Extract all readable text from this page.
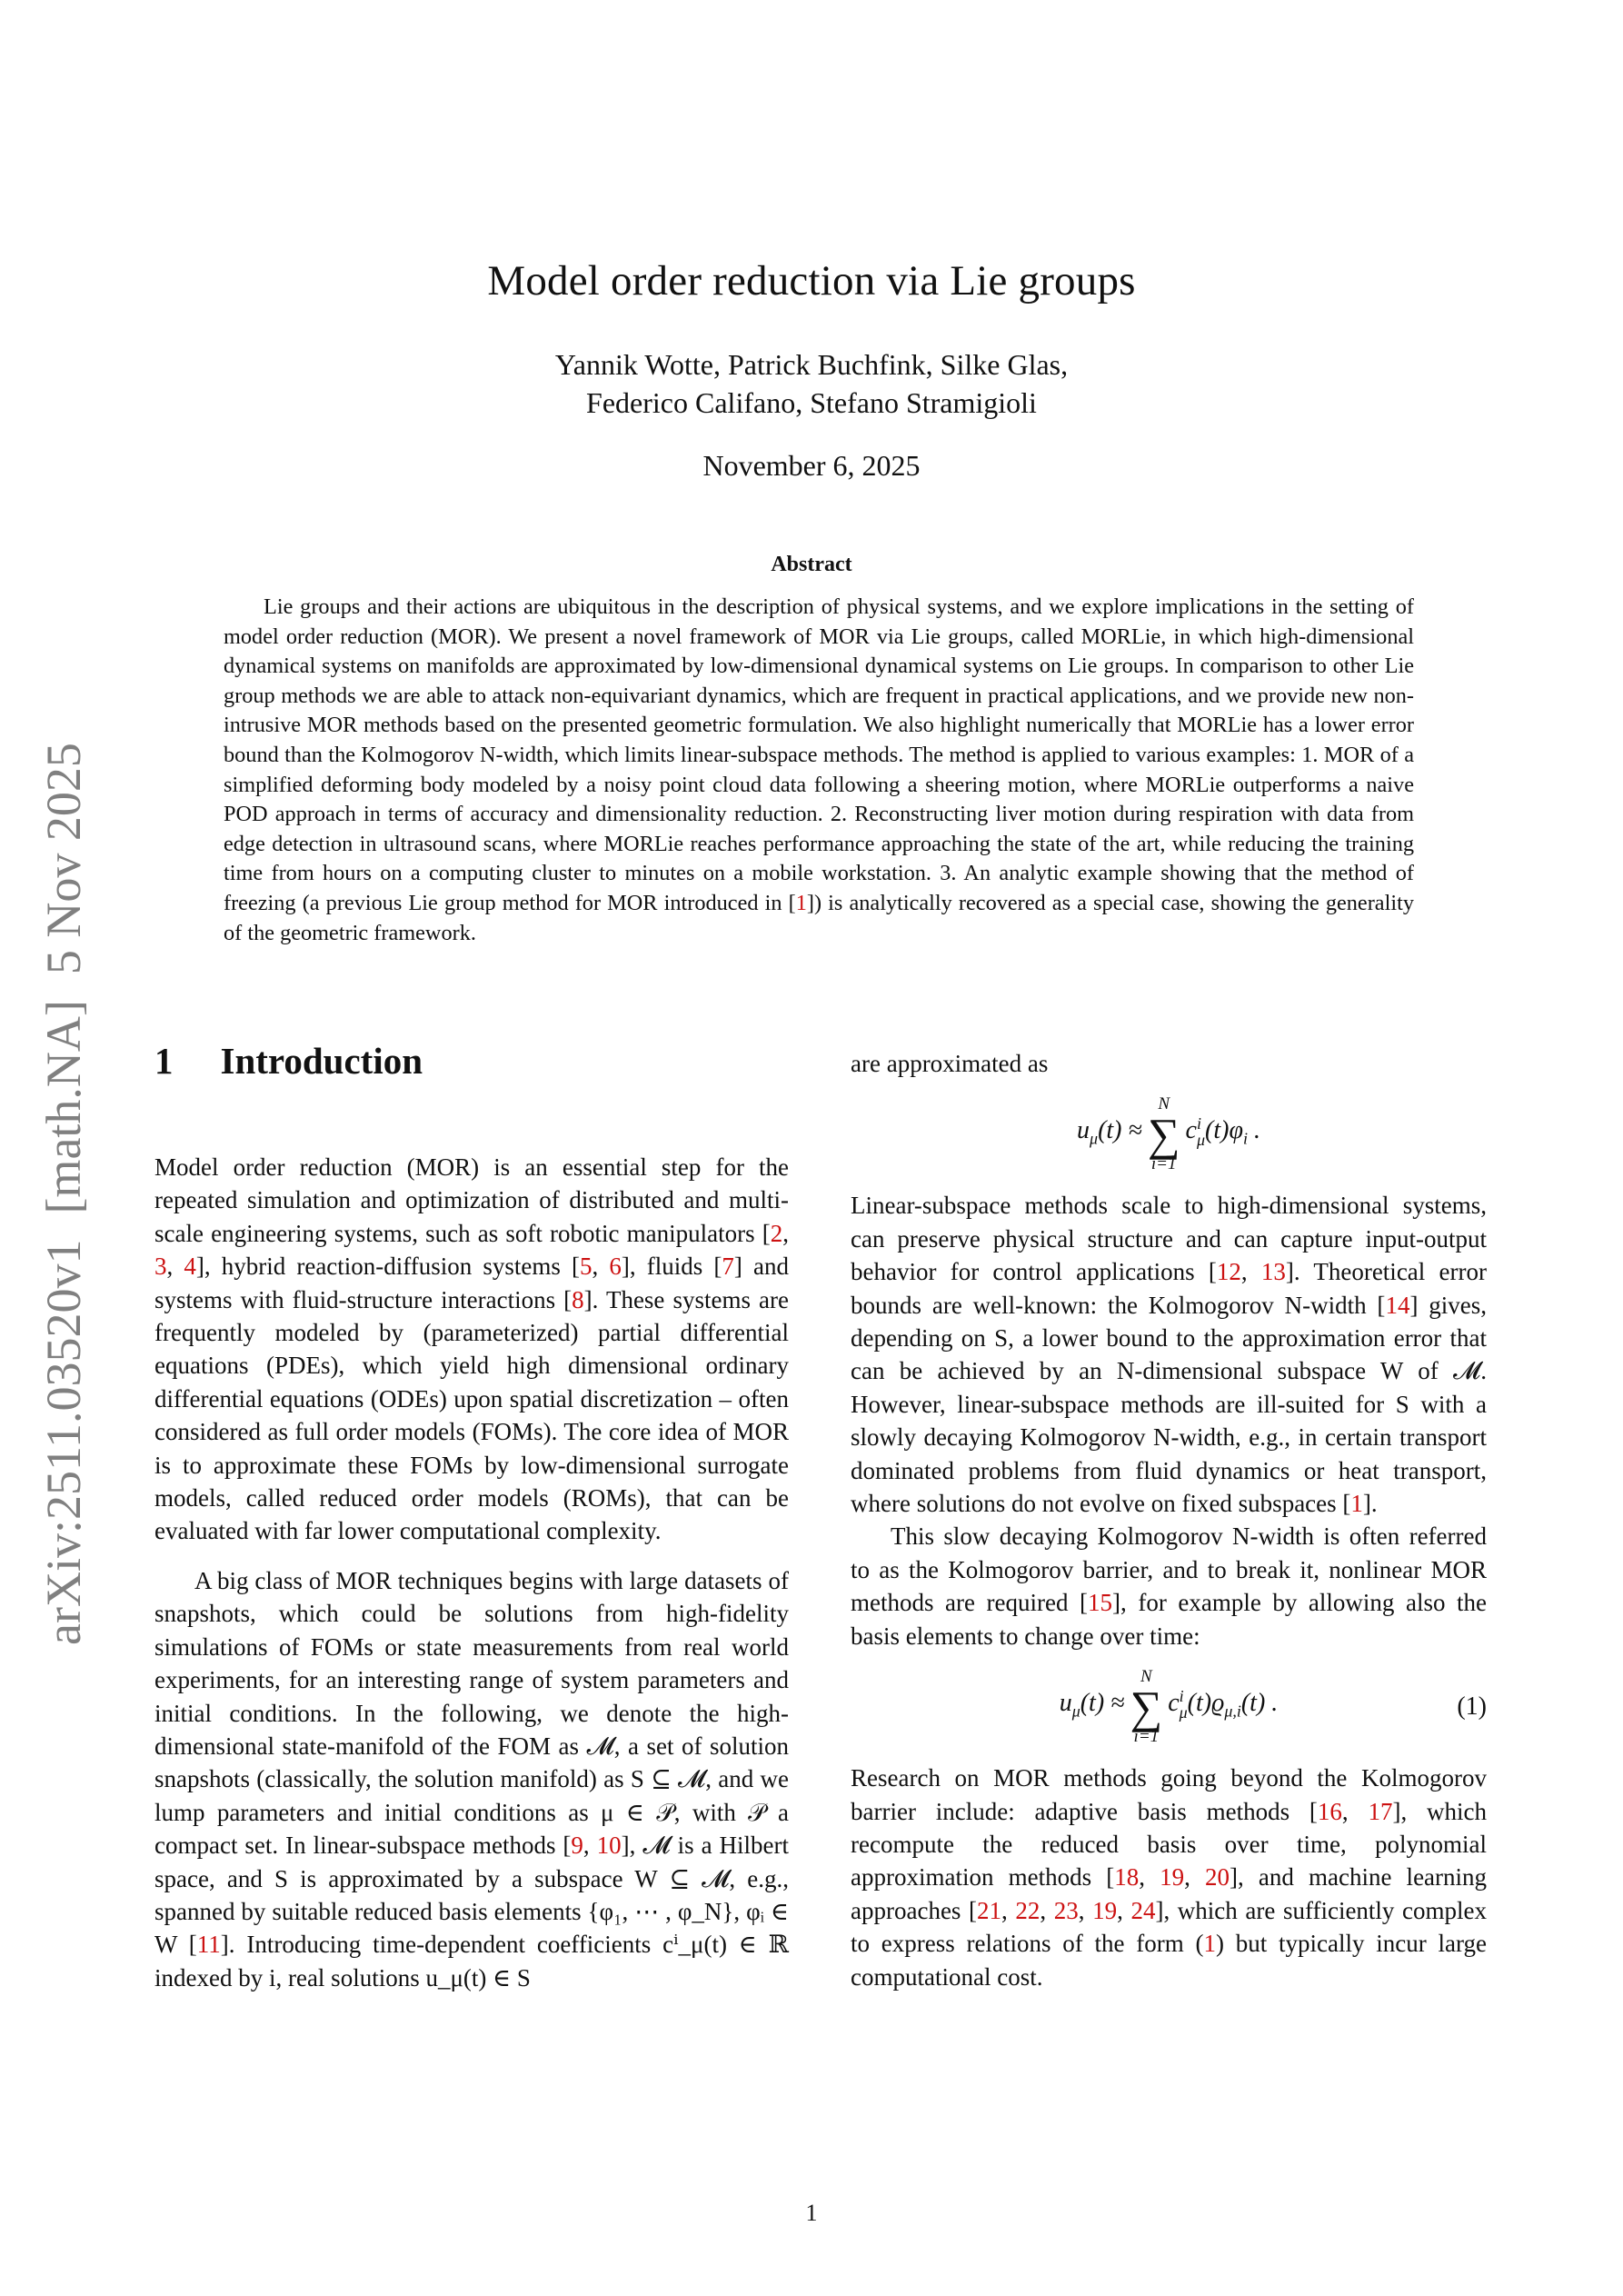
arXiv:2511.03520v1
[math.NA]
5 Nov 2025
Model order reduction via Lie groups
Yannik Wotte, Patrick Buchfink, Silke Glas,
Federico Califano, Stefano Stramigioli
November 6, 2025
Abstract
Lie groups and their actions are ubiquitous in the description of physical systems, and we explore implications in the setting of model order reduction (MOR). We present a novel framework of MOR via Lie groups, called MORLie, in which high-dimensional dynamical systems on manifolds are approximated by low-dimensional dynamical systems on Lie groups. In comparison to other Lie group methods we are able to attack non-equivariant dynamics, which are frequent in practical applications, and we provide new non-intrusive MOR methods based on the presented geometric formulation. We also highlight numerically that MORLie has a lower error bound than the Kolmogorov N-width, which limits linear-subspace methods. The method is applied to various examples: 1. MOR of a simplified deforming body modeled by a noisy point cloud data following a sheering motion, where MORLie outperforms a naive POD approach in terms of accuracy and dimensionality reduction. 2. Reconstructing liver motion during respiration with data from edge detection in ultrasound scans, where MORLie reaches performance approaching the state of the art, while reducing the training time from hours on a computing cluster to minutes on a mobile workstation. 3. An analytic example showing that the method of freezing (a previous Lie group method for MOR introduced in [1]) is analytically recovered as a special case, showing the generality of the geometric framework.
1 Introduction

Model order reduction (MOR) is an essential step for the repeated simulation and optimization of distributed and multi-scale engineering systems, such as soft robotic manipulators [2, 3, 4], hybrid reaction-diffusion systems [5, 6], fluids [7] and systems with fluid-structure interactions [8]. These systems are frequently modeled by (parameterized) partial differential equations (PDEs), which yield high dimensional ordinary differential equations (ODEs) upon spatial discretization – often considered as full order models (FOMs). The core idea of MOR is to approximate these FOMs by low-dimensional surrogate models, called reduced order models (ROMs), that can be evaluated with far lower computational complexity.

A big class of MOR techniques begins with large datasets of snapshots, which could be solutions from high-fidelity simulations of FOMs or state measurements from real world experiments, for an interesting range of system parameters and initial conditions. In the following, we denote the high-dimensional state-manifold of the FOM as 𝓜, a set of solution snapshots (classically, the solution manifold) as S ⊆ 𝓜, and we lump parameters and initial conditions as μ ∈ 𝒫, with 𝒫 a compact set. In linear-subspace methods [9, 10], 𝓜 is a Hilbert space, and S is approximated by a subspace W ⊆ 𝓜, e.g., spanned by suitable reduced basis elements {φ₁, ⋯ , φ_N}, φᵢ ∈ W [11]. Introducing time-dependent coefficients cⁱ_μ(t) ∈ ℝ indexed by i, real solutions u_μ(t) ∈ S

are approximated as

$u_\mu(t)$ ≈
N
∑
i=1
c i
μ $(t)\varphi_i$ .

Linear-subspace methods scale to high-dimensional systems, can preserve physical structure and can capture input-output behavior for control applications [12, 13]. Theoretical error bounds are well-known: the Kolmogorov N-width [14] gives, depending on S, a lower bound to the approximation error that can be achieved by an N-dimensional subspace W of 𝓜. However, linear-subspace methods are ill-suited for S with a slowly decaying Kolmogorov N-width, e.g., in certain transport dominated problems from fluid dynamics or heat transport, where solutions do not evolve on fixed subspaces [1].

This slow decaying Kolmogorov N-width is often referred to as the Kolmogorov barrier, and to break it, nonlinear MOR methods are required [15], for example by allowing also the basis elements to change over time:

$u_\mu(t)$ ≈
N
∑
i=1
c i
μ $(t)ϱ_{\mu,i}(t)$ .	(1)

Research on MOR methods going beyond the Kolmogorov barrier include: adaptive basis methods [16, 17], which recompute the reduced basis over time, polynomial approximation methods [18, 19, 20], and machine learning approaches [21, 22, 23, 19, 24], which are sufficiently complex to express relations of the form (1) but typically incur large computational cost.

1
